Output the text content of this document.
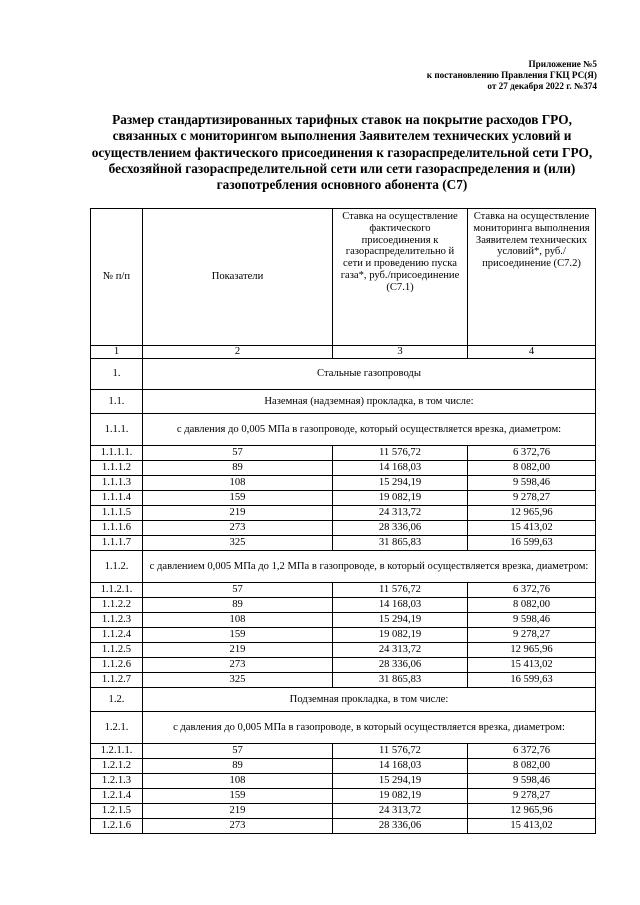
Приложение №5
к постановлению Правления ГКЦ РС(Я)
от 27 декабря 2022 г. №374
Размер стандартизированных тарифных ставок на покрытие расходов ГРО, связанных с мониторингом выполнения Заявителем технических условий и осуществлением фактического присоединения к газораспределительной сети ГРО, бесхозяйной газораспределительной сети или сети газораспределения и (или) газопотребления основного абонента (С7)
№ п/п	Показатели	Ставка на осуществление фактического присоединения к газораспределительно й сети и проведению пуска газа*, руб./присоединение (С7.1)	Ставка на осуществление мониторинга выполнения Заявителем технических условий*, руб./присоединение (С7.2)
1	2	3	4
1.	Стальные газопроводы		
1.1.	Наземная (надземная) прокладка, в том числе:		
1.1.1.	с давления до 0,005 МПа в газопроводе, который осуществляется врезка, диаметром:		
1.1.1.1.	57	11 576,72	6 372,76
1.1.1.2	89	14 168,03	8 082,00
1.1.1.3	108	15 294,19	9 598,46
1.1.1.4	159	19 082,19	9 278,27
1.1.1.5	219	24 313,72	12 965,96
1.1.1.6	273	28 336,06	15 413,02
1.1.1.7	325	31 865,83	16 599,63
1.1.2.	с давлением 0,005 МПа до 1,2 МПа в газопроводе, в который осуществляется врезка, диаметром:		
1.1.2.1.	57	11 576,72	6 372,76
1.1.2.2	89	14 168,03	8 082,00
1.1.2.3	108	15 294,19	9 598,46
1.1.2.4	159	19 082,19	9 278,27
1.1.2.5	219	24 313,72	12 965,96
1.1.2.6	273	28 336,06	15 413,02
1.1.2.7	325	31 865,83	16 599,63
1.2.	Подземная прокладка, в том числе:		
1.2.1.	с давления до 0,005 МПа в газопроводе, в который осуществляется врезка, диаметром:		
1.2.1.1.	57	11 576,72	6 372,76
1.2.1.2	89	14 168,03	8 082,00
1.2.1.3	108	15 294,19	9 598,46
1.2.1.4	159	19 082,19	9 278,27
1.2.1.5	219	24 313,72	12 965,96
1.2.1.6	273	28 336,06	15 413,02
